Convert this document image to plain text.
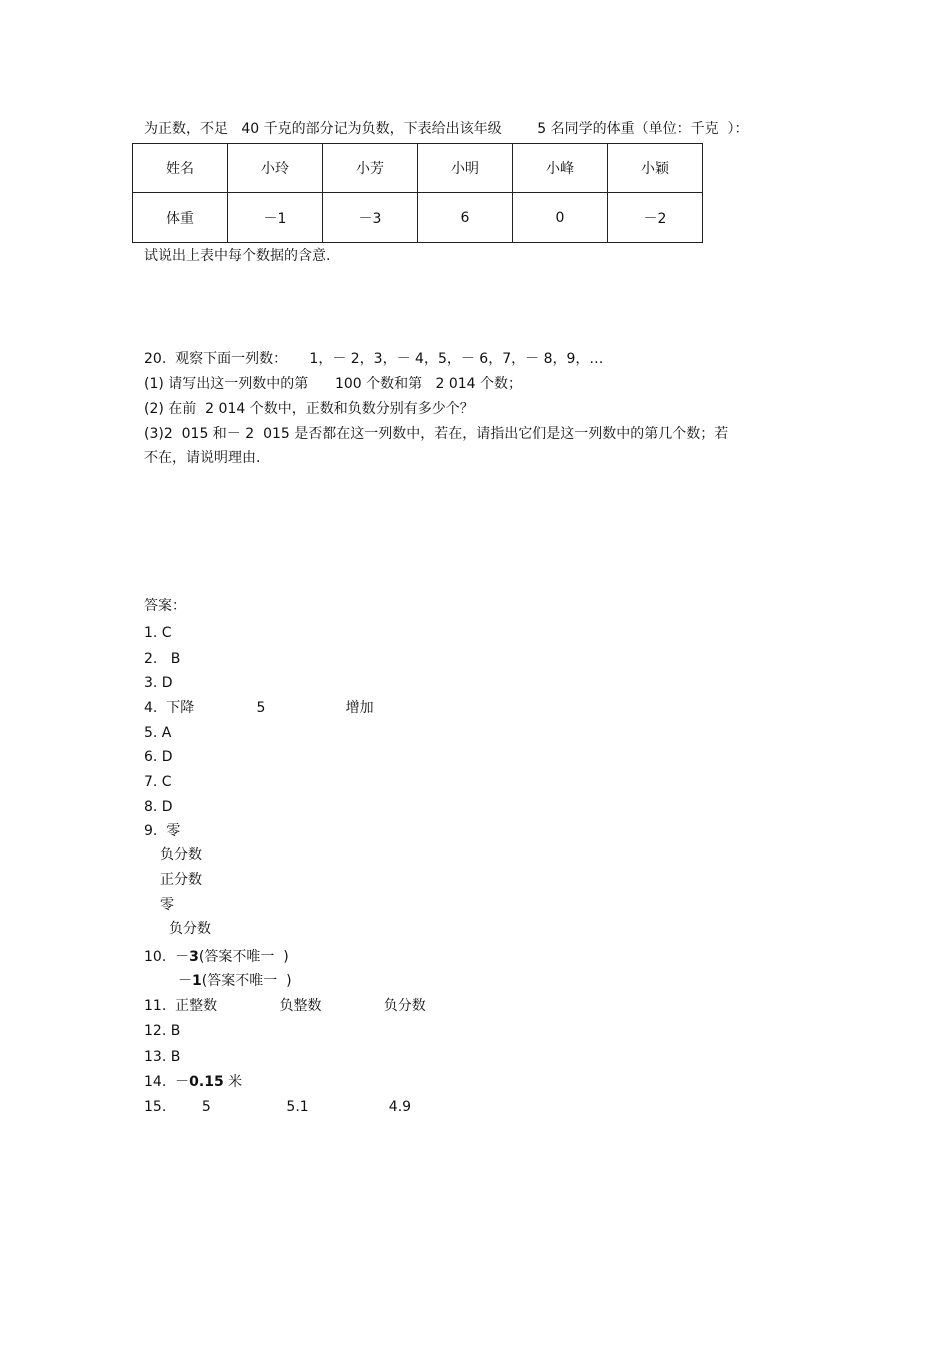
为正数，不足   40 千克的部分记为负数，下表给出该年级        5 名同学的体重（单位：千克  ）：
姓名	小玲	小芳	小明	小峰	小颖
体重	－1	－3	6	0	－2
试说出上表中每个数据的含意.
20.  观察下面一列数：     1，－ 2，3，－ 4，5，－ 6，7，－ 8，9，…
(1) 请写出这一列数中的第      100 个数和第   2 014 个数；
(2) 在前  2 014 个数中，正数和负数分别有多少个？
(3)2  015 和－ 2  015 是否都在这一列数中，若在，请指出它们是这一列数中的第几个数；若
不在，请说明理由.
答案：
1. C
2.   B
3. D
4.  下降              5                  增加
5. A
6. D
7. C
8. D
9.  零
负分数
正分数
零
负分数
10.  －3(答案不唯一  )
－1(答案不唯一  )
11.  正整数              负整数              负分数
12. B
13. B
14.  －0.15 米
15.        5                 5.1                  4.9
